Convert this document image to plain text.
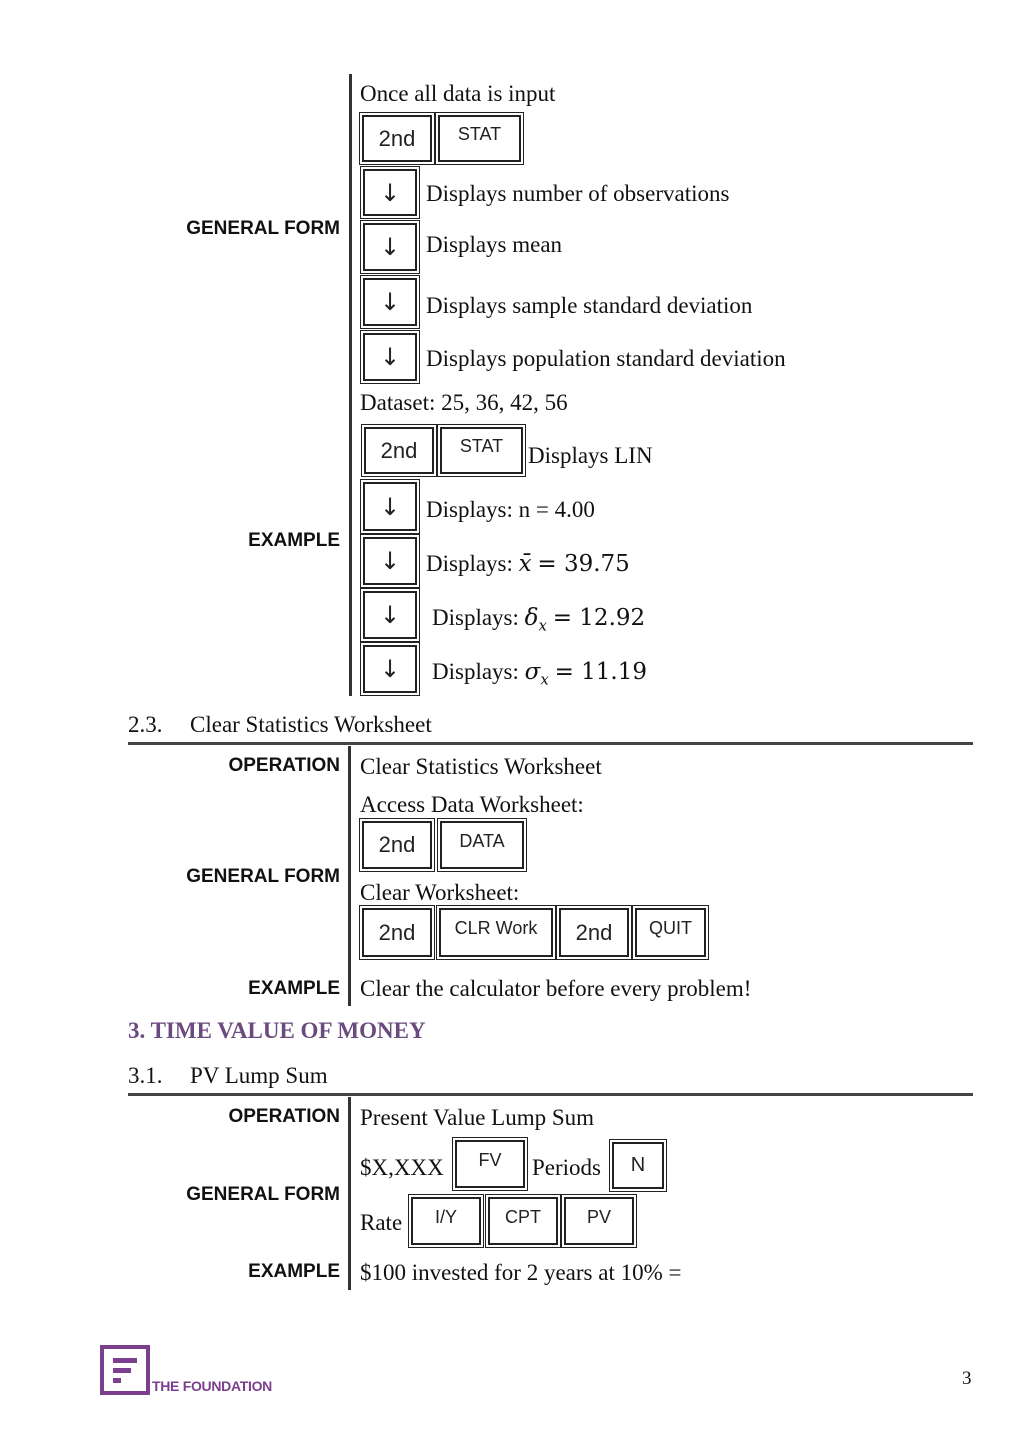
GENERAL FORM
Once all data is input
2nd	STAT
↓	Displays number of observations
↓	Displays mean
↓	Displays sample standard deviation
↓	Displays population standard deviation
EXAMPLE
Dataset: 25, 36, 42, 56
2nd	STAT	Displays LIN
↓	Displays: n = 4.00
↓	Displays: x̄ = 39.75
↓	Displays: $\delta_x = 12.92$
↓	Displays: $\sigma_x = 11.19$
2.3. Clear Statistics Worksheet
OPERATION Clear Statistics Worksheet
Access Data Worksheet:
2nd	DATA
GENERAL FORM
Clear Worksheet:
2nd	CLR Work	2nd	QUIT
EXAMPLE Clear the calculator before every problem!
3. TIME VALUE OF MONEY
3.1. PV Lump Sum
OPERATION Present Value Lump Sum
$X,XXX	FV	Periods	N
GENERAL FORM
Rate	I/Y	CPT	PV
EXAMPLE $100 invested for 2 years at 10% =
THE FOUNDATION	3
